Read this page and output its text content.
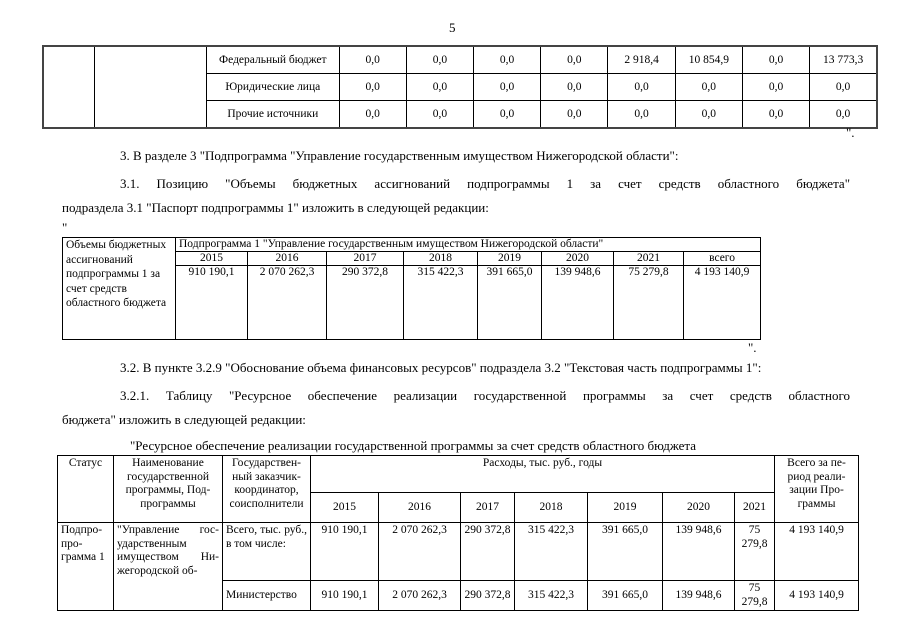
5
		Федеральный бюджет	0,0	0,0	0,0	0,0	2 918,4	10 854,9	0,0	13 773,3
		Юридические лица	0,0	0,0	0,0	0,0	0,0	0,0	0,0	0,0
		Прочие источники	0,0	0,0	0,0	0,0	0,0	0,0	0,0	0,0
".
3. В разделе 3 "Подпрограмма "Управление государственным имуществом Нижегородской области":
3.1. Позицию "Объемы бюджетных ассигнований подпрограммы 1 за счет средств областного бюджета"
подраздела 3.1 "Паспорт подпрограммы 1" изложить в следующей редакции:
"
Объемы бюджетных ассигнований подпрограммы 1 за счет средств областного бюджета	Подпрограмма 1 "Управление государственным имуществом Нижегородской области"							
	2015	2016	2017	2018	2019	2020	2021	всего
	910 190,1	2 070 262,3	290 372,8	315 422,3	391 665,0	139 948,6	75 279,8	4 193 140,9
".
3.2. В пункте 3.2.9 "Обоснование объема финансовых ресурсов" подраздела 3.2 "Текстовая часть подпрограммы 1":
3.2.1. Таблицу "Ресурсное обеспечение реализации государственной программы за счет средств областного
бюджета" изложить в следующей редакции:
"Ресурсное обеспечение реализации государственной программы за счет средств областного бюджета
Статус	Наименование государственной программы, Под-программы	Государствен-ный заказчик-координатор, соисполнители	Расходы, тыс. руб., годы							Всего за пе-риод реали-зации Про-граммы
			2015	2016	2017	2018	2019	2020	2021	
Подпро-про-грамма 1	"Управление гос-ударственным имуществом Ни-жегородской об-	Всего, тыс. руб., в том числе:	910 190,1	2 070 262,3	290 372,8	315 422,3	391 665,0	139 948,6	75 279,8	4 193 140,9
		Министерство	910 190,1	2 070 262,3	290 372,8	315 422,3	391 665,0	139 948,6	75 279,8	4 193 140,9
